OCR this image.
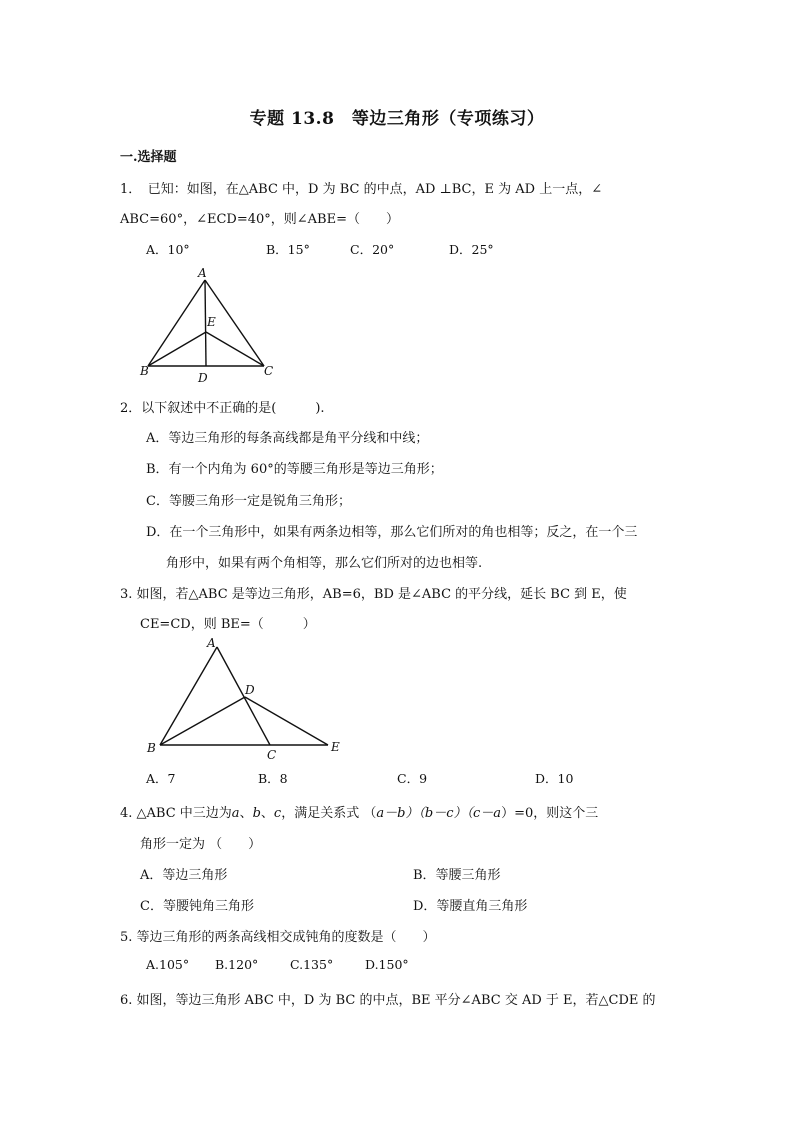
专题 13.8　等边三角形（专项练习）
一.选择题
1．　已知：如图，在△ABC 中，D 为 BC 的中点，AD ⊥BC，E 为 AD 上一点，∠
ABC=60°，∠ECD=40°，则∠ABE=（　　）
A．10°	B．15°	C．20°	D．25°
A
E
B	D	C
2．以下叙述中不正确的是(　　　).
A．等边三角形的每条高线都是角平分线和中线；
B．有一个内角为 60°的等腰三角形是等边三角形；
C．等腰三角形一定是锐角三角形；
D．在一个三角形中，如果有两条边相等，那么它们所对的角也相等；反之，在一个三
角形中，如果有两个角相等，那么它们所对的边也相等.
3. 如图，若△ABC 是等边三角形，AB=6，BD 是∠ABC 的平分线，延长 BC 到 E，使
CE=CD，则 BE=（　　　）
A
D
B	C
E
A．7	B．8	C．9	D．10
4. △ABC 中三边为a、b、c，满足关系式 （a－b）（b－c）（c－a）=0，则这个三
角形一定为 （　　）
A．等边三角形	B．等腰三角形
C．等腰钝角三角形	D．等腰直角三角形
5. 等边三角形的两条高线相交成钝角的度数是（　　）
A.105° B.120°	C.135°	D.150°
6. 如图，等边三角形 ABC 中，D 为 BC 的中点，BE 平分∠ABC 交 AD 于 E，若△CDE 的
